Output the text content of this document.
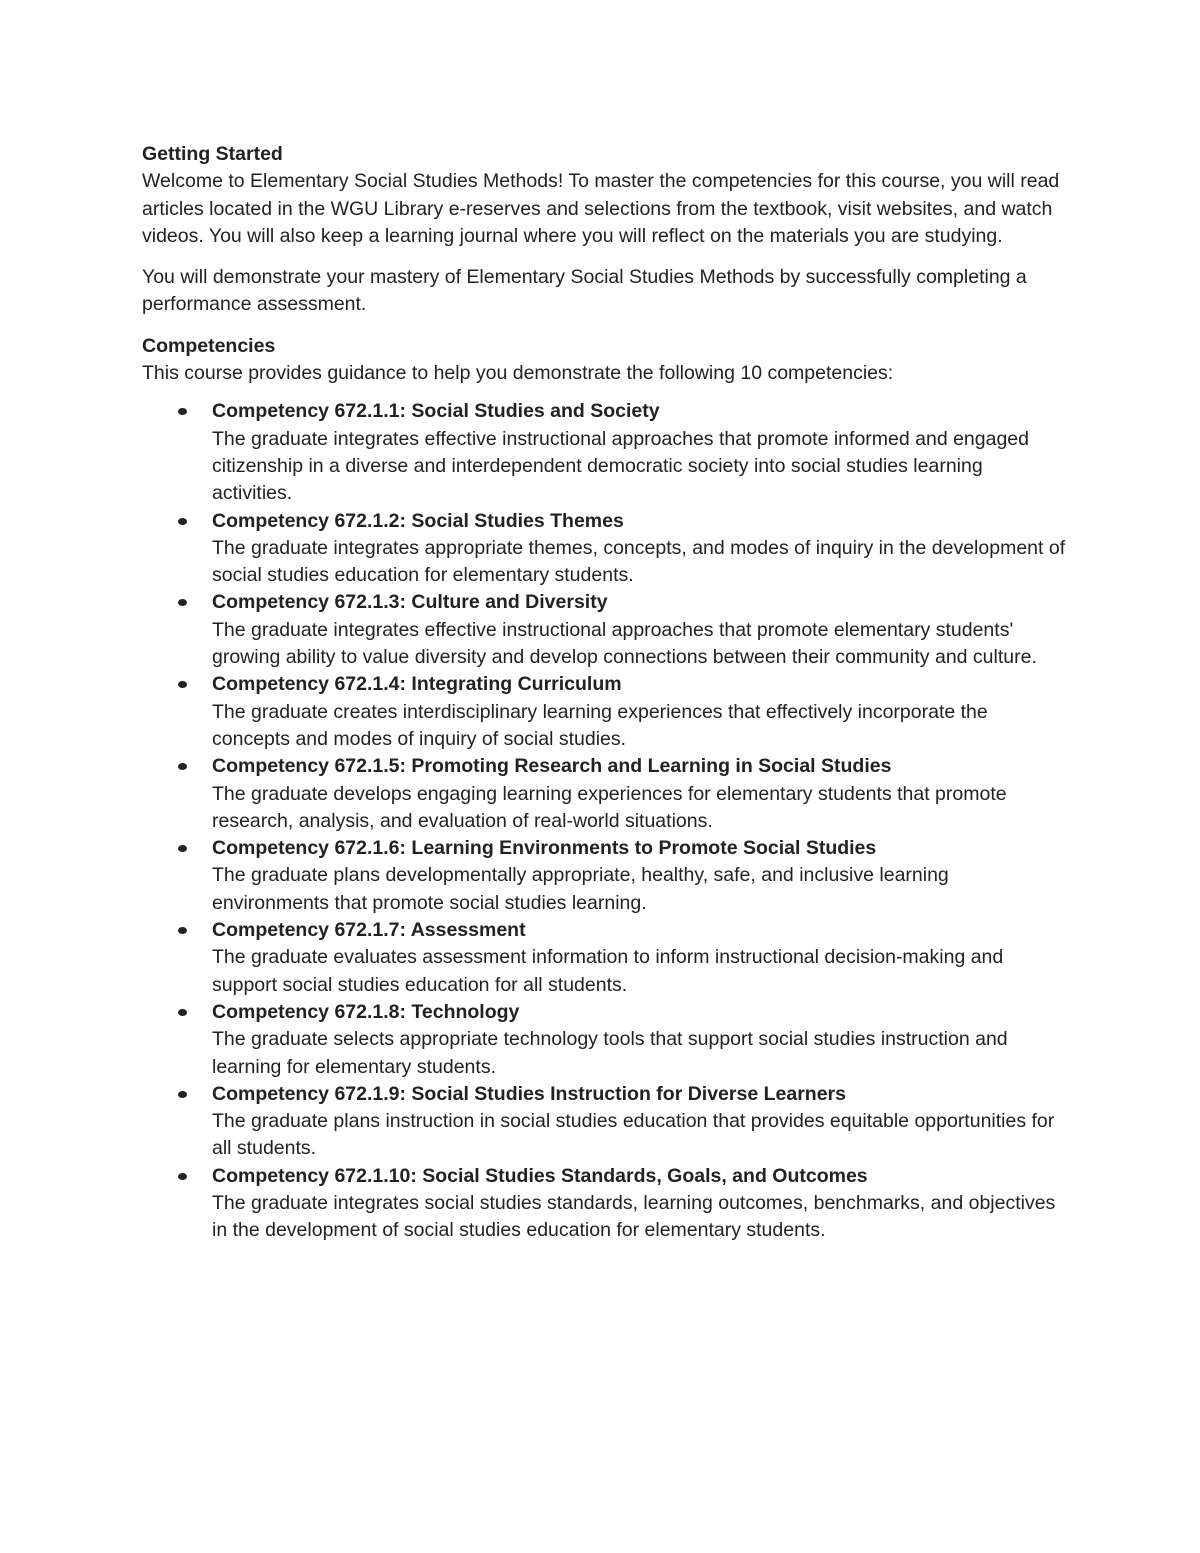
Getting Started
Welcome to Elementary Social Studies Methods! To master the competencies for this course, you will read articles located in the WGU Library e-reserves and selections from the textbook, visit websites, and watch videos. You will also keep a learning journal where you will reflect on the materials you are studying.
You will demonstrate your mastery of Elementary Social Studies Methods by successfully completing a performance assessment.
Competencies
This course provides guidance to help you demonstrate the following 10 competencies:
Competency 672.1.1: Social Studies and Society
The graduate integrates effective instructional approaches that promote informed and engaged citizenship in a diverse and interdependent democratic society into social studies learning activities.
Competency 672.1.2: Social Studies Themes
The graduate integrates appropriate themes, concepts, and modes of inquiry in the development of social studies education for elementary students.
Competency 672.1.3: Culture and Diversity
The graduate integrates effective instructional approaches that promote elementary students' growing ability to value diversity and develop connections between their community and culture.
Competency 672.1.4: Integrating Curriculum
The graduate creates interdisciplinary learning experiences that effectively incorporate the concepts and modes of inquiry of social studies.
Competency 672.1.5: Promoting Research and Learning in Social Studies
The graduate develops engaging learning experiences for elementary students that promote research, analysis, and evaluation of real-world situations.
Competency 672.1.6: Learning Environments to Promote Social Studies
The graduate plans developmentally appropriate, healthy, safe, and inclusive learning environments that promote social studies learning.
Competency 672.1.7: Assessment
The graduate evaluates assessment information to inform instructional decision-making and support social studies education for all students.
Competency 672.1.8: Technology
The graduate selects appropriate technology tools that support social studies instruction and learning for elementary students.
Competency 672.1.9: Social Studies Instruction for Diverse Learners
The graduate plans instruction in social studies education that provides equitable opportunities for all students.
Competency 672.1.10: Social Studies Standards, Goals, and Outcomes
The graduate integrates social studies standards, learning outcomes, benchmarks, and objectives in the development of social studies education for elementary students.
